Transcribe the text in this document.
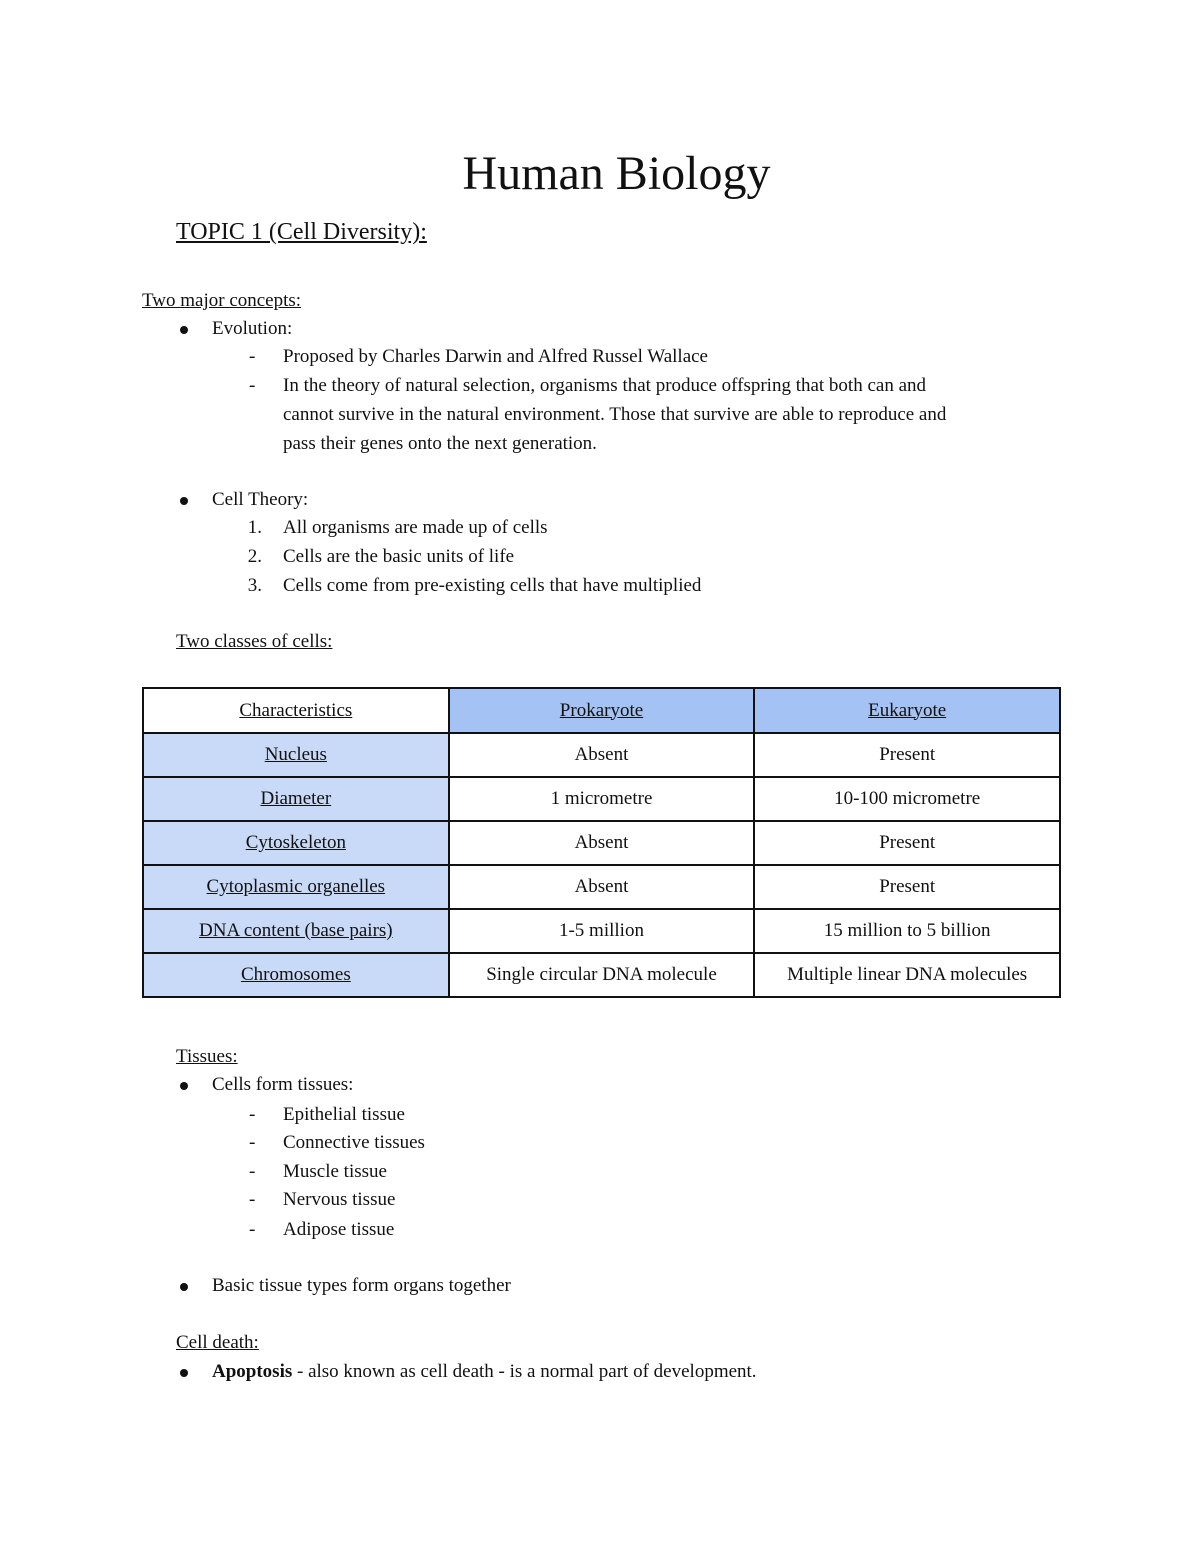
Human Biology
TOPIC 1 (Cell Diversity):
Two major concepts:
Evolution:
- Proposed by Charles Darwin and Alfred Russel Wallace
- In the theory of natural selection, organisms that produce offspring that both can and
cannot survive in the natural environment. Those that survive are able to reproduce and
pass their genes onto the next generation.
Cell Theory:
1. All organisms are made up of cells
2. Cells are the basic units of life
3. Cells come from pre-existing cells that have multiplied
Two classes of cells:
Characteristics	Prokaryote	Eukaryote
Nucleus	Absent	Present
Diameter	1 micrometre	10-100 micrometre
Cytoskeleton	Absent	Present
Cytoplasmic organelles	Absent	Present
DNA content (base pairs)	1-5 million	15 million to 5 billion
Chromosomes	Single circular DNA molecule	Multiple linear DNA molecules
Tissues:
Cells form tissues:
- Epithelial tissue
- Connective tissues
- Muscle tissue
- Nervous tissue
- Adipose tissue
Basic tissue types form organs together
Cell death:
Apoptosis - also known as cell death - is a normal part of development.
